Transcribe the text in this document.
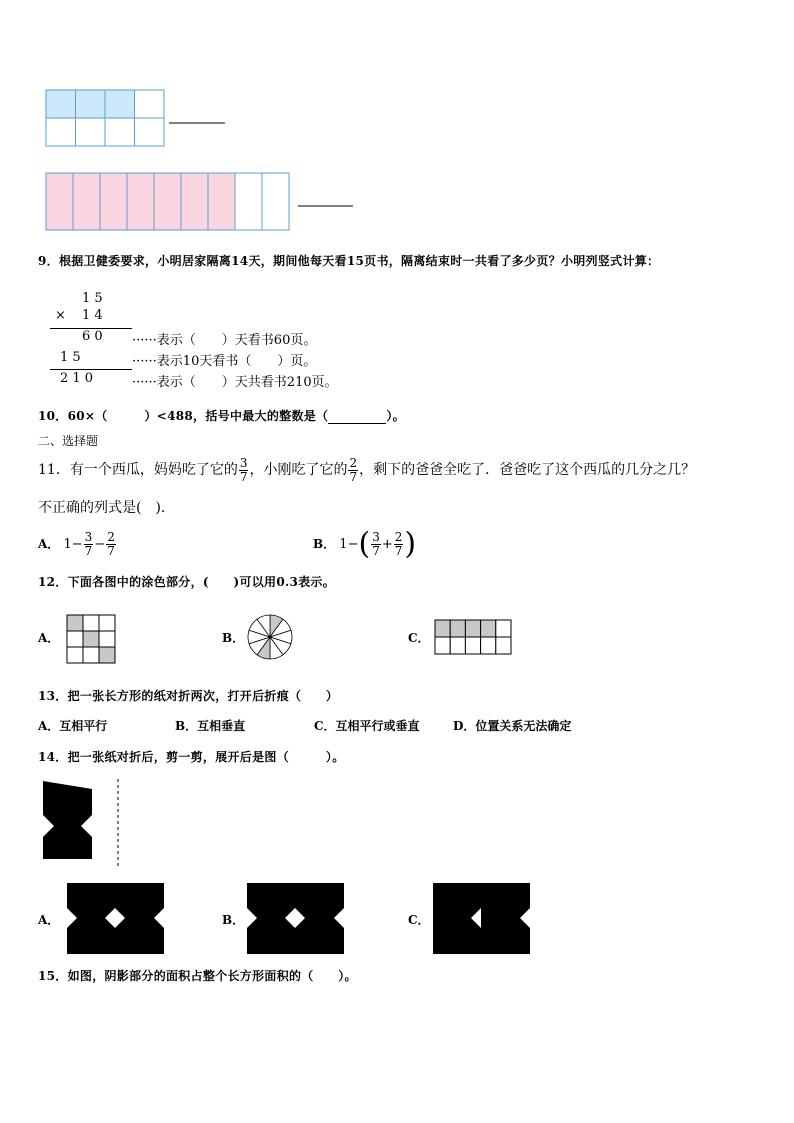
9．根据卫健委要求，小明居家隔离14天，期间他每天看15页书，隔离结束时一共看了多少页？小明列竖式计算：
1 5
× 1 4
6 0 ······表示（　　）天看书60页。
1 5	······表示10天看书（　　）页。
2 1 0	······表示（　　）天共看书210页。
10．60×（　　　）<488，括号中最大的整数是（	）。
二、选择题
11．有一个西瓜，妈妈吃了它的 $\frac{3}{7}$ ，小刚吃了它的 $\frac{2}{7}$ ，剩下的爸爸全吃了．爸爸吃了这个西瓜的几分之几？
不正确的列式是(　)．
A． $1- \frac{3}{7} - \frac{2}{7}$	B． $1-( \frac{3}{7} + \frac{2}{7}$ )
12．下面各图中的涂色部分，(　　)可以用0.3表示。
A．	B．	C．
13．把一张长方形的纸对折两次，打开后折痕（　　）
A．互相平行	B．互相垂直	C．互相平行或垂直	D．位置关系无法确定
14．把一张纸对折后，剪一剪，展开后是图（　　　）。
A．	B．	C．
15．如图，阴影部分的面积占整个长方形面积的（　　）。
